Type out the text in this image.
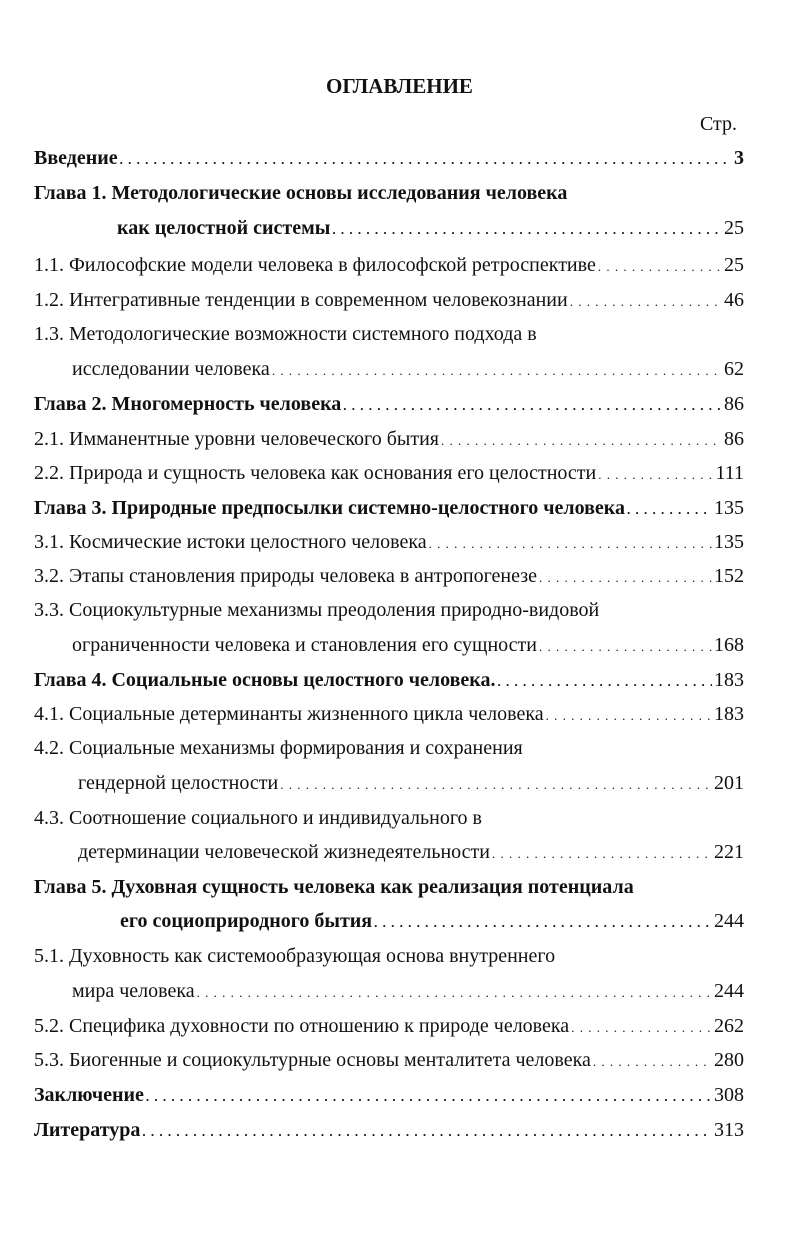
ОГЛАВЛЕНИЕ
Стр.
Введение . . .	3
Глава 1. Методологические основы исследования человека
как целостной системы . . .	25
1.1. Философские модели человека в философской ретроспективе . . .	25
1.2. Интегративные тенденции в современном человекознании . . .	46
1.3. Методологические возможности системного подхода в
исследовании человека . . .	62
Глава 2. Многомерность человека . . .	86
2.1. Имманентные уровни человеческого бытия . . .	86
2.2. Природа и сущность человека как основания его целостности . . .	111
Глава 3. Природные предпосылки системно-целостного человека . . .	135
3.1. Космические истоки целостного человека . . .	135
3.2. Этапы становления природы человека в антропогенезе . . .	152
3.3. Социокультурные механизмы преодоления природно-видовой
ограниченности человека и становления его сущности . . .	168
Глава 4. Социальные основы целостного человека. . . .	183
4.1. Социальные детерминанты жизненного цикла человека . . .	183
4.2. Социальные механизмы формирования и сохранения
гендерной целостности . . .	201
4.3. Соотношение социального и индивидуального в
детерминации человеческой жизнедеятельности . . .	221
Глава 5. Духовная сущность человека как реализация потенциала
его социоприродного бытия . . .	244
5.1. Духовность как системообразующая основа внутреннего
мира человека . . .	244
5.2. Специфика духовности по отношению к природе человека . . .	262
5.3. Биогенные и социокультурные основы менталитета человека . . .	280
Заключение . . .	308
Литература . . .	313
